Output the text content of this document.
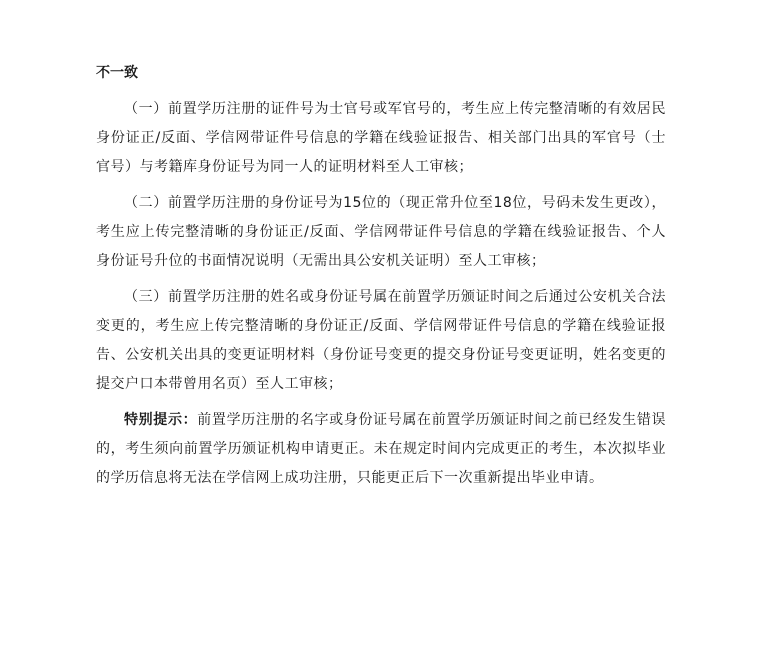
不一致

（一）前置学历注册的证件号为士官号或军官号的，考生应上传完整清晰的有效居民身份证正/反面、学信网带证件号信息的学籍在线验证报告、相关部门出具的军官号（士官号）与考籍库身份证号为同一人的证明材料至人工审核；

（二）前置学历注册的身份证号为15位的（现正常升位至18位，号码未发生更改），考生应上传完整清晰的身份证正/反面、学信网带证件号信息的学籍在线验证报告、个人身份证号升位的书面情况说明（无需出具公安机关证明）至人工审核；

（三）前置学历注册的姓名或身份证号属在前置学历颁证时间之后通过公安机关合法变更的，考生应上传完整清晰的身份证正/反面、学信网带证件号信息的学籍在线验证报告、公安机关出具的变更证明材料（身份证号变更的提交身份证号变更证明，姓名变更的提交户口本带曾用名页）至人工审核；

特别提示：前置学历注册的名字或身份证号属在前置学历颁证时间之前已经发生错误的，考生须向前置学历颁证机构申请更正。未在规定时间内完成更正的考生，本次拟毕业的学历信息将无法在学信网上成功注册，只能更正后下一次重新提出毕业申请。
